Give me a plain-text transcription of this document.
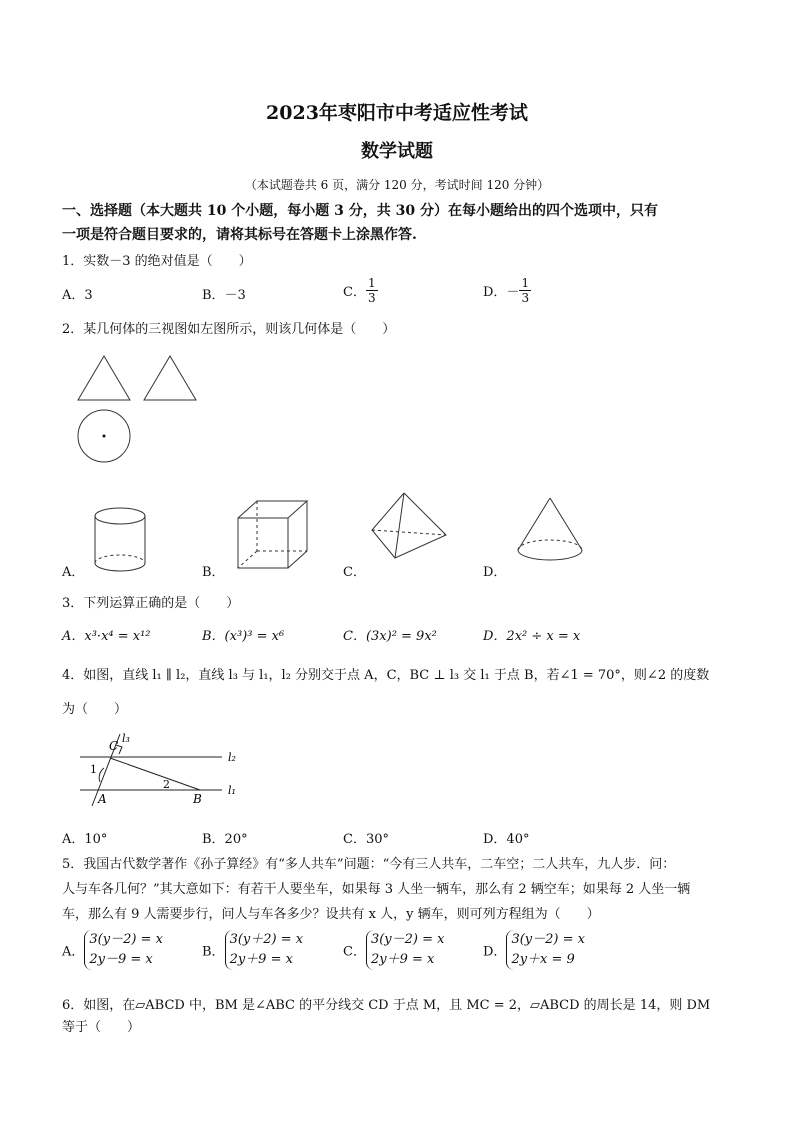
2023年枣阳市中考适应性考试
数学试题
（本试题卷共 6 页，满分 120 分，考试时间 120 分钟）
一、选择题（本大题共 10 个小题，每小题 3 分，共 30 分）在每小题给出的四个选项中，只有
一项是符合题目要求的，请将其标号在答题卡上涂黑作答.
1．实数－3 的绝对值是（　　）
A．3	B．－3	C． $\frac{1}{3}$	D．－ $\frac{1}{3}$
2．某几何体的三视图如左图所示，则该几何体是（　　）
A．	B．	C．	D．
3．下列运算正确的是（　　）
A．x³·x⁴ = x¹²	B．(x³)³ = x⁶	C．(3x)² = 9x²	D．2x² ÷ x = x
4．如图，直线 l₁ ∥ l₂，直线 l₃ 与 l₁，l₂ 分别交于点 A，C，BC ⊥ l₃ 交 l₁ 于点 B，若∠1 = 70°，则∠2 的度数
为（　　）
C
l₃
l₂
l₁
A	B
1
2
A．10°	B．20°	C．30°	D．40°
5．我国古代数学著作《孙子算经》有“多人共车”问题：“今有三人共车，二车空；二人共车，九人步．问：
人与车各几何？”其大意如下：有若干人要坐车，如果每 3 人坐一辆车，那么有 2 辆空车；如果每 2 人坐一辆
车，那么有 9 人需要步行，问人与车各多少？设共有 x 人，y 辆车，则可列方程组为（　　）
A．
3(y－2) = x
2y－9 = x	B．
3(y＋2) = x
2y＋9 = x	C．
3(y－2) = x
2y＋9 = x	D．
3(y－2) = x
2y＋x = 9
6．如图，在▱ABCD 中，BM 是∠ABC 的平分线交 CD 于点 M，且 MC = 2，▱ABCD 的周长是 14，则 DM
等于（　　）
